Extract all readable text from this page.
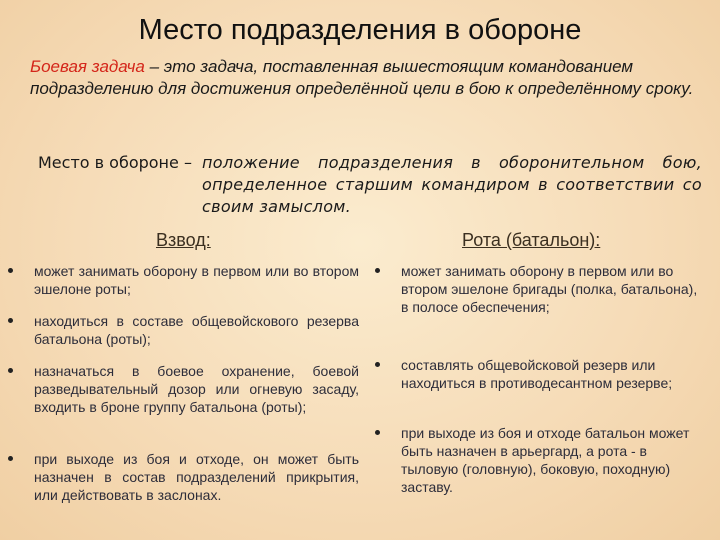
Место подразделения в обороне
Боевая задача – это задача, поставленная вышестоящим командованием подразделению для достижения определённой цели в бою к определённому сроку.
Место в обороне – положение подразделения в оборонительном бою, определенное старшим командиром в соответствии со своим замыслом.
Взвод:	Рота (батальон):
может занимать оборону в первом или во втором эшелоне роты;
находиться в составе общевойскового резерва батальона (роты);
назначаться в боевое охранение, боевой разведывательный дозор или огневую засаду, входить в броне группу батальона (роты);
при выходе из боя и отходе, он может быть назначен в состав подразделений прикрытия, или действовать в заслонах.
может занимать оборону в первом или во втором эшелоне бригады (полка, батальона), в полосе обеспечения;
составлять общевойсковой резерв или находиться в противодесантном резерве;
при выходе из боя и отходе батальон может быть назначен в арьергард, а рота - в тыловую (головную), боковую, походную) заставу.
